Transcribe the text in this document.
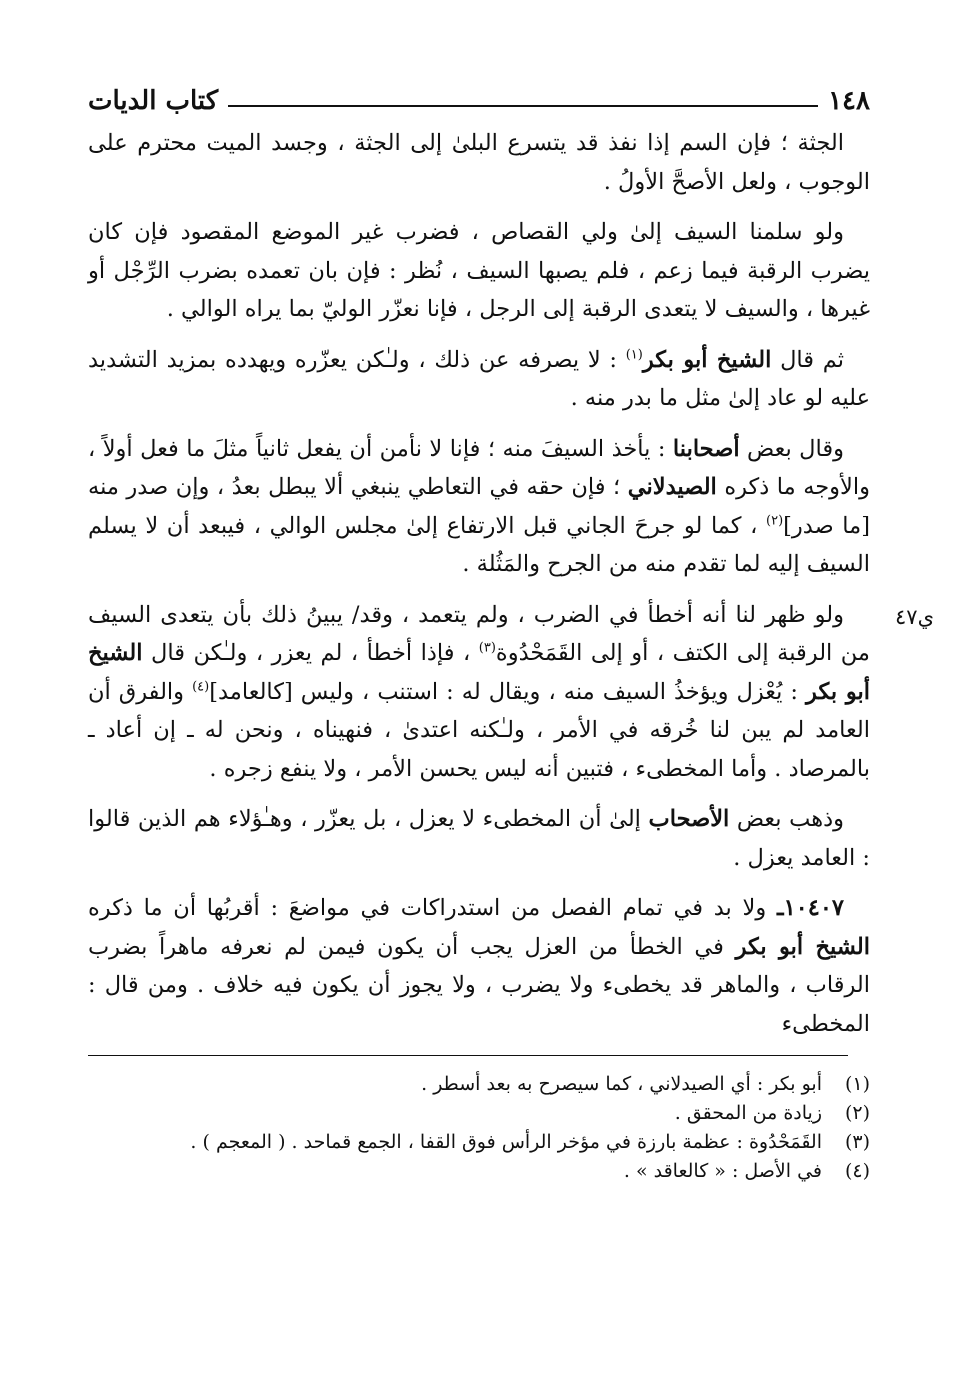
١٤٨
كتاب الديات

الجثة ؛ فإن السم إذا نفذ قد يتسرع البلىٰ إلى الجثة ، وجسد الميت محترم على الوجوب ، ولعل الأصحَّ الأولُ .

ولو سلمنا السيف إلىٰ ولي القصاص ، فضرب غير الموضع المقصود فإن كان يضرب الرقبة فيما زعم ، فلم يصبها السيف ، نُظر : فإن بان تعمده بضرب الرِّجْل أو غيرها ، والسيف لا يتعدى الرقبة إلى الرجل ، فإنا نعزّر الوليّ بما يراه الوالي .

ثم قال الشيخ أبو بكر$^{(١)}$ : لا يصرفه عن ذلك ، ولـٰكن يعزّره ويهدده بمزيد التشديد عليه لو عاد إلىٰ مثل ما بدر منه .

وقال بعض أصحابنا : يأخذ السيفَ منه ؛ فإنا لا نأمن أن يفعل ثانياً مثلَ ما فعل أولاً ، والأوجه ما ذكره الصيدلاني ؛ فإن حقه في التعاطي ينبغي ألا يبطل بعدُ ، وإن صدر منه [ما صدر]$^{(٢)}$ ، كما لو جرحَ الجاني قبل الارتفاع إلىٰ مجلس الوالي ، فيبعد أن لا يسلم السيف إليه لما تقدم منه من الجرح والمَثُلة .

ي٤٧
ولو ظهر لنا أنه أخطأ في الضرب ، ولم يتعمد ، وقد/ يبينُ ذلك بأن يتعدى السيف من الرقبة إلى الكتف ، أو إلى القَمَحْدُوة$^{(٣)}$ ، فإذا أخطأ ، لم يعزر ، ولـٰكن قال الشيخ أبو بكر : يُعْزل ويؤخذُ السيف منه ، ويقال له : استنب ، وليس [كالعامد]$^{(٤)}$ والفرق أن العامد لم يبن لنا خُرقه في الأمر ، ولـٰكنه اعتدىٰ ، فنهيناه ، ونحن له ـ إن أعاد ـ بالمرصاد . وأما المخطىء ، فتبين أنه ليس يحسن الأمر ، ولا ينفع زجره .

وذهب بعض الأصحاب إلىٰ أن المخطىء لا يعزل ، بل يعزّر ، وهـٰؤلاء هم الذين قالوا : العامد يعزل .

١٠٤٠٧ـ ولا بد في تمام الفصل من استدراكات في مواضعَ : أقربُها أن ما ذكره الشيخ أبو بكر في الخطأ من العزل يجب أن يكون فيمن لم نعرفه ماهراً بضرب الرقاب ، والماهر قد يخطىء ولا يضرب ، ولا يجوز أن يكون فيه خلاف . ومن قال : المخطىء

(١)
أبو بكر : أي الصيدلاني ، كما سيصرح به بعد أسطر .
(٢)
زيادة من المحقق .
(٣)
القَمَحْدُوة : عظمة بارزة في مؤخر الرأس فوق القفا ، الجمع قماحد . ( المعجم ) .
(٤)
في الأصل : « كالعاقد » .
